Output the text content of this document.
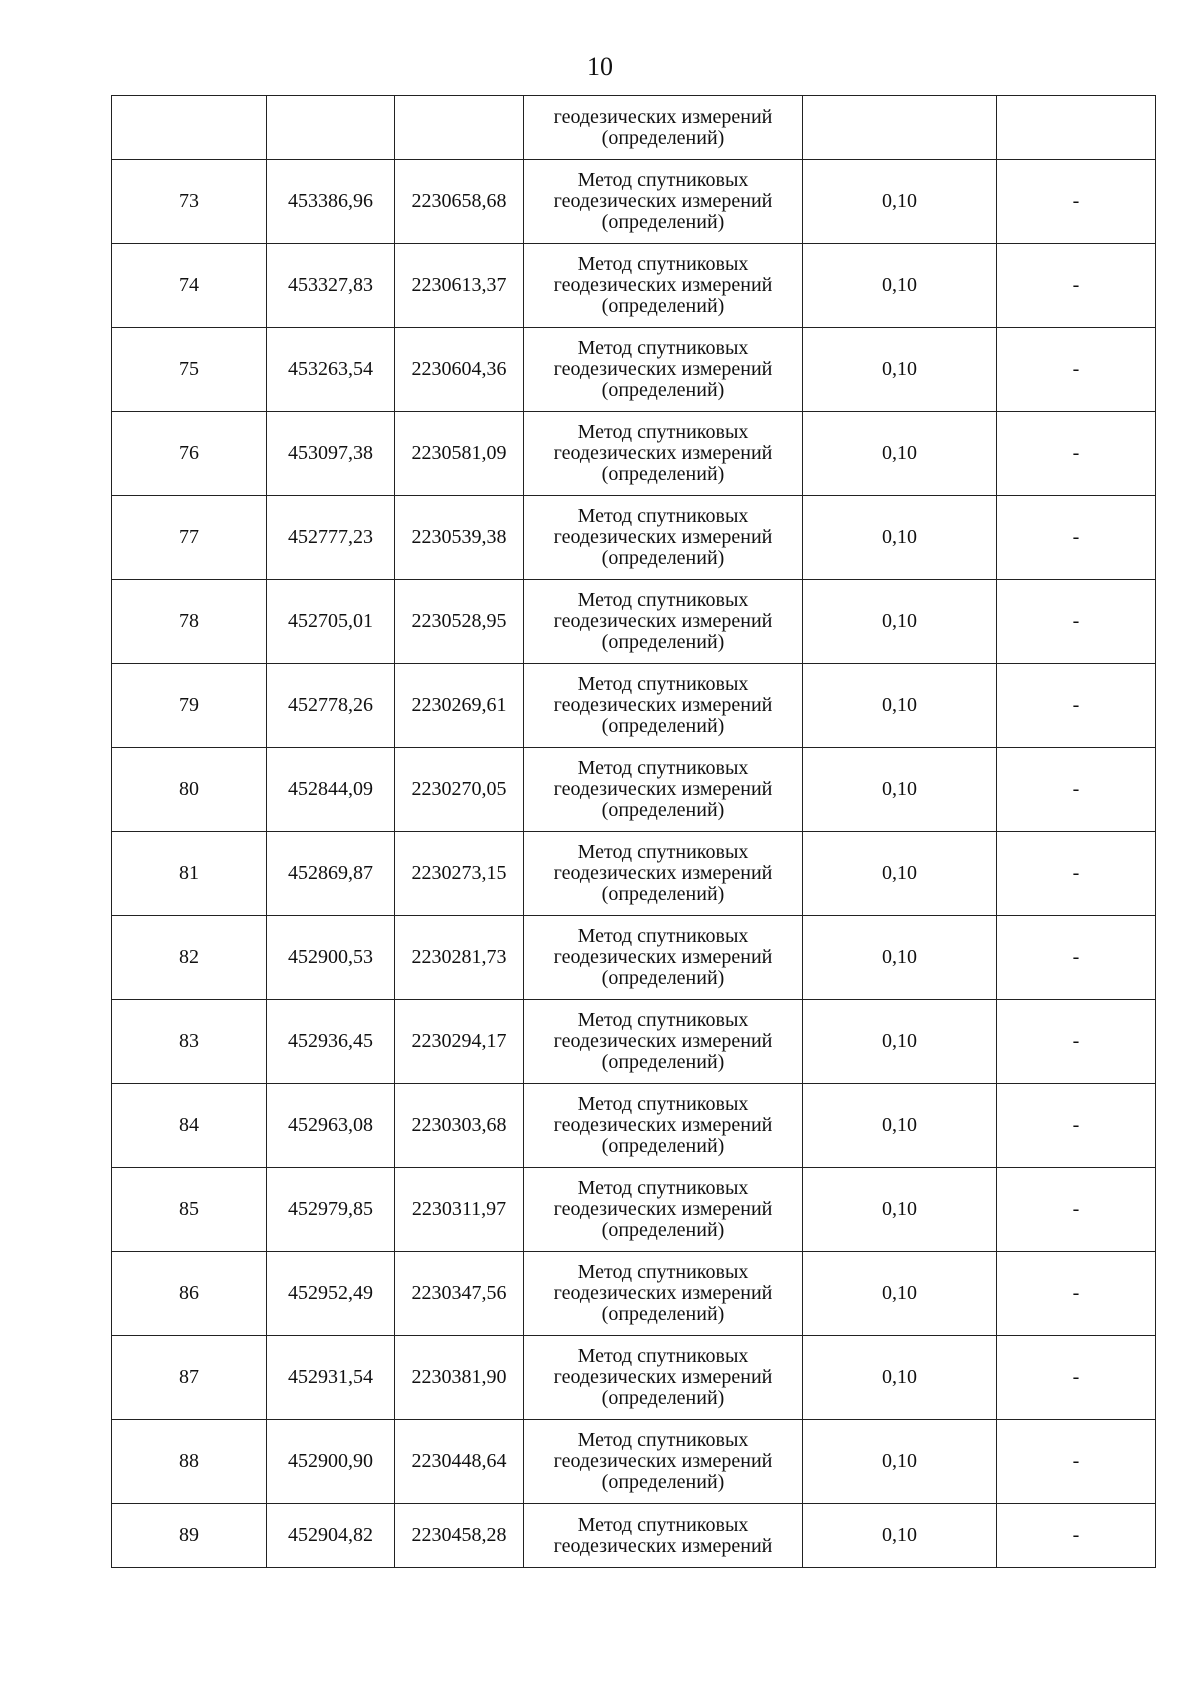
10

			геодезических измерений
(определений)		

73	453386,96	2230658,68	Метод спутниковых
геодезических измерений
(определений)	0,10	-
74	453327,83	2230613,37	Метод спутниковых
геодезических измерений
(определений)	0,10	-
75	453263,54	2230604,36	Метод спутниковых
геодезических измерений
(определений)	0,10	-
76	453097,38	2230581,09	Метод спутниковых
геодезических измерений
(определений)	0,10	-
77	452777,23	2230539,38	Метод спутниковых
геодезических измерений
(определений)	0,10	-
78	452705,01	2230528,95	Метод спутниковых
геодезических измерений
(определений)	0,10	-
79	452778,26	2230269,61	Метод спутниковых
геодезических измерений
(определений)	0,10	-
80	452844,09	2230270,05	Метод спутниковых
геодезических измерений
(определений)	0,10	-
81	452869,87	2230273,15	Метод спутниковых
геодезических измерений
(определений)	0,10	-
82	452900,53	2230281,73	Метод спутниковых
геодезических измерений
(определений)	0,10	-
83	452936,45	2230294,17	Метод спутниковых
геодезических измерений
(определений)	0,10	-
84	452963,08	2230303,68	Метод спутниковых
геодезических измерений
(определений)	0,10	-
85	452979,85	2230311,97	Метод спутниковых
геодезических измерений
(определений)	0,10	-
86	452952,49	2230347,56	Метод спутниковых
геодезических измерений
(определений)	0,10	-
87	452931,54	2230381,90	Метод спутниковых
геодезических измерений
(определений)	0,10	-
88	452900,90	2230448,64	Метод спутниковых
геодезических измерений
(определений)	0,10	-
89	452904,82	2230458,28	Метод спутниковых
геодезических измерений	0,10	-
